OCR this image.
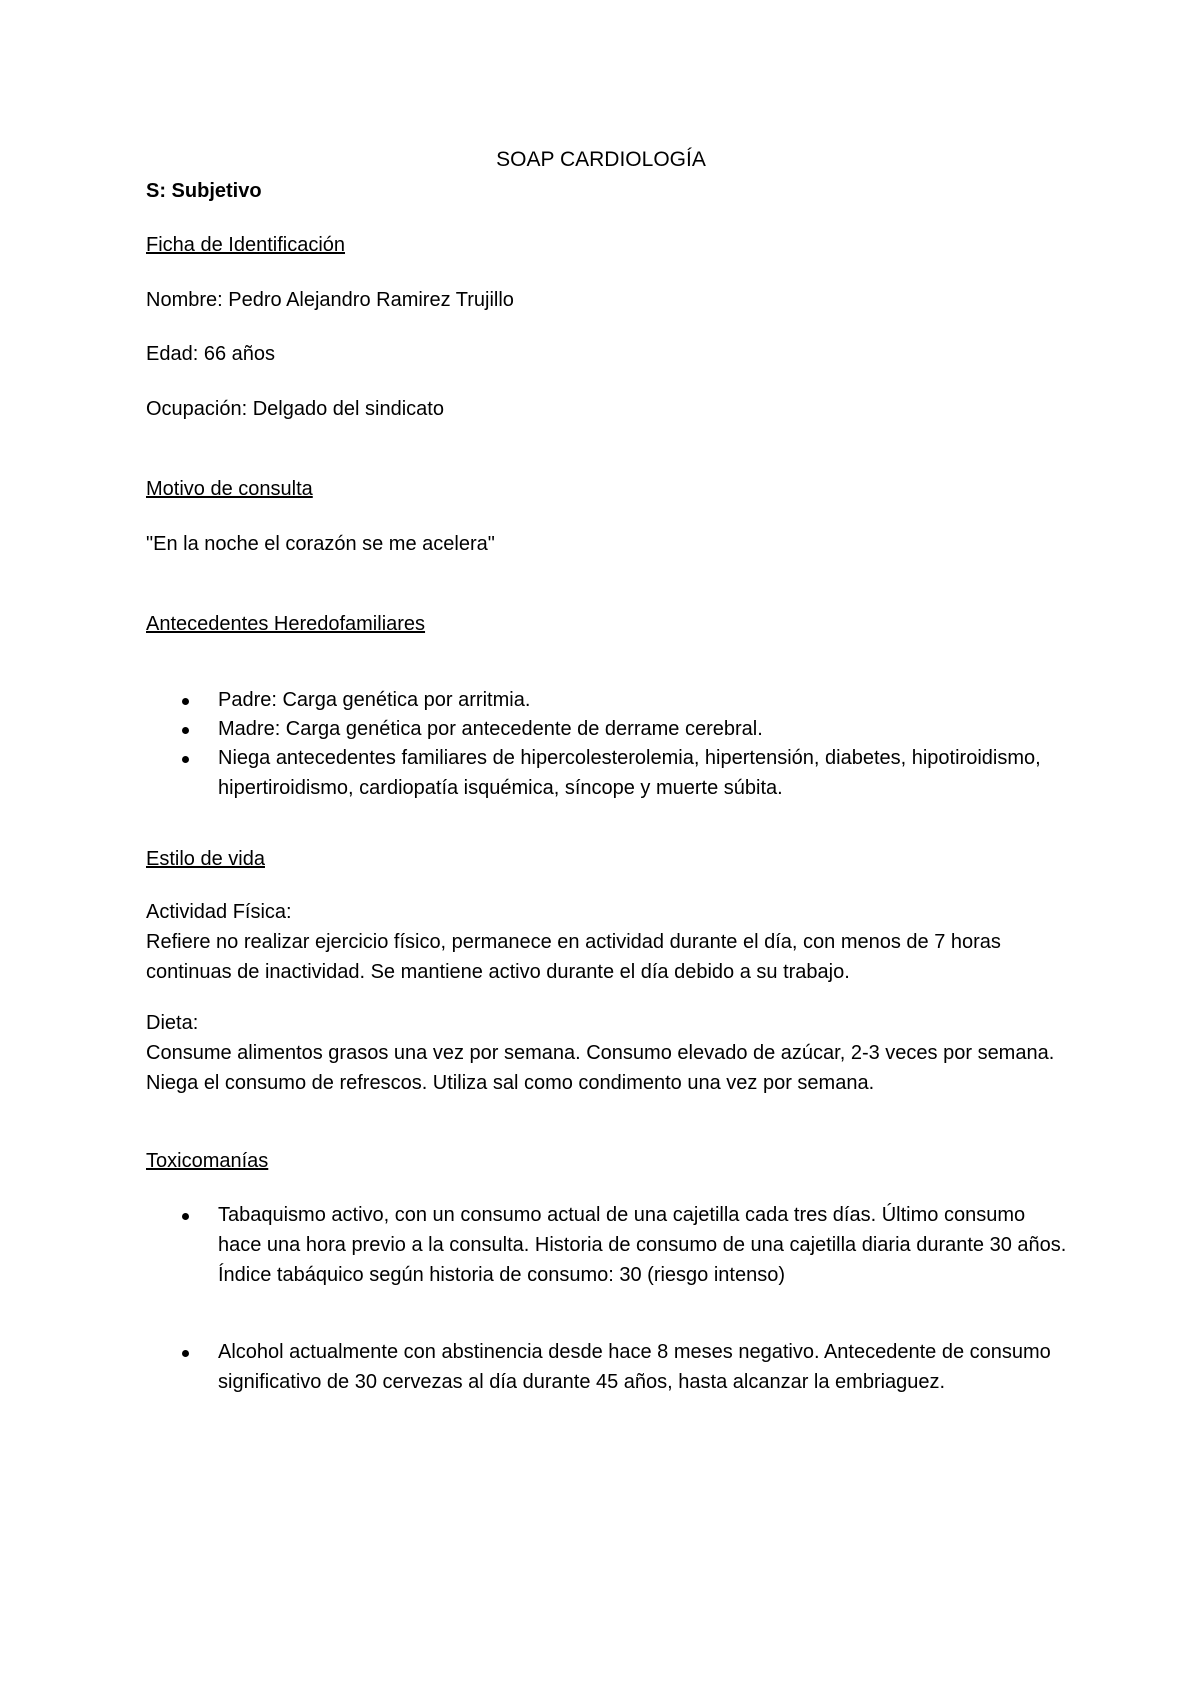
SOAP CARDIOLOGÍA
S: Subjetivo
Ficha de Identificación
Nombre: Pedro Alejandro Ramirez Trujillo
Edad: 66 años
Ocupación: Delgado del sindicato
Motivo de consulta
"En la noche el corazón se me acelera"
Antecedentes Heredofamiliares
Padre: Carga genética por arritmia.
Madre: Carga genética por antecedente de derrame cerebral.
Niega antecedentes familiares de hipercolesterolemia, hipertensión, diabetes, hipotiroidismo, hipertiroidismo, cardiopatía isquémica, síncope y muerte súbita.
Estilo de vida
Actividad Física:
Refiere no realizar ejercicio físico, permanece en actividad durante el día, con menos de 7 horas continuas de inactividad. Se mantiene activo durante el día debido a su trabajo.
Dieta:
Consume alimentos grasos una vez por semana. Consumo elevado de azúcar, 2-3 veces por semana. Niega el consumo de refrescos. Utiliza sal como condimento una vez por semana.
Toxicomanías
Tabaquismo activo, con un consumo actual de una cajetilla cada tres días. Último consumo hace una hora previo a la consulta. Historia de consumo de una cajetilla diaria durante 30 años. Índice tabáquico según historia de consumo: 30 (riesgo intenso)
Alcohol actualmente con abstinencia desde hace 8 meses negativo. Antecedente de consumo significativo de 30 cervezas al día durante 45 años, hasta alcanzar la embriaguez.
